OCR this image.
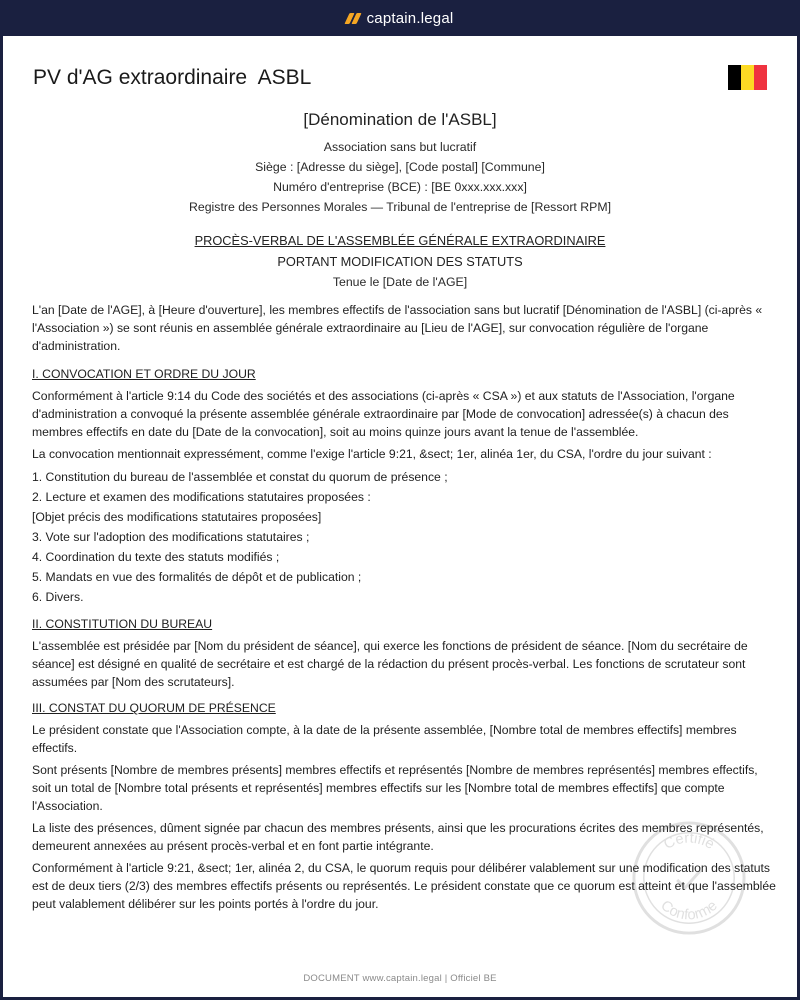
captain.legal
PV d'AG extraordinaire  ASBL
[Dénomination de l'ASBL]
Association sans but lucratif
Siège : [Adresse du siège], [Code postal] [Commune]
Numéro d'entreprise (BCE) : [BE 0xxx.xxx.xxx]
Registre des Personnes Morales — Tribunal de l'entreprise de [Ressort RPM]
PROCÈS-VERBAL DE L'ASSEMBLÉE GÉNÉRALE EXTRAORDINAIRE
PORTANT MODIFICATION DES STATUTS
Tenue le [Date de l'AGE]

L'an [Date de l'AGE], à [Heure d'ouverture], les membres effectifs de l'association sans but lucratif [Dénomination de l'ASBL] (ci-après « l'Association ») se sont réunis en assemblée générale extraordinaire au [Lieu de l'AGE], sur convocation régulière de l'organe d'administration.

I. CONVOCATION ET ORDRE DU JOUR

Conformément à l'article 9:14 du Code des sociétés et des associations (ci-après « CSA ») et aux statuts de l'Association, l'organe d'administration a convoqué la présente assemblée générale extraordinaire par [Mode de convocation] adressée(s) à chacun des membres effectifs en date du [Date de la convocation], soit au moins quinze jours avant la tenue de l'assemblée.

La convocation mentionnait expressément, comme l'exige l'article 9:21, &sect; 1er, alinéa 1er, du CSA, l'ordre du jour suivant :

1. Constitution du bureau de l'assemblée et constat du quorum de présence ;
2. Lecture et examen des modifications statutaires proposées :
[Objet précis des modifications statutaires proposées]
3. Vote sur l'adoption des modifications statutaires ;
4. Coordination du texte des statuts modifiés ;
5. Mandats en vue des formalités de dépôt et de publication ;
6. Divers.
II. CONSTITUTION DU BUREAU

L'assemblée est présidée par [Nom du président de séance], qui exerce les fonctions de président de séance. [Nom du secrétaire de séance] est désigné en qualité de secrétaire et est chargé de la rédaction du présent procès-verbal. Les fonctions de scrutateur sont assumées par [Nom des scrutateurs].

III. CONSTAT DU QUORUM DE PRÉSENCE

Le président constate que l'Association compte, à la date de la présente assemblée, [Nombre total de membres effectifs] membres effectifs.

Sont présents [Nombre de membres présents] membres effectifs et représentés [Nombre de membres représentés] membres effectifs, soit un total de [Nombre total présents et représentés] membres effectifs sur les [Nombre total de membres effectifs] que compte l'Association.

La liste des présences, dûment signée par chacun des membres présents, ainsi que les procurations écrites des membres représentés, demeurent annexées au présent procès-verbal et en font partie intégrante.

Conformément à l'article 9:21, &sect; 1er, alinéa 2, du CSA, le quorum requis pour délibérer valablement sur une modification des statuts est de deux tiers (2/3) des membres effectifs présents ou représentés. Le président constate que ce quorum est atteint et que l'assemblée peut valablement délibérer sur les points portés à l'ordre du jour.

Certifié
Conforme
DOCUMENT www.captain.legal | Officiel BE
